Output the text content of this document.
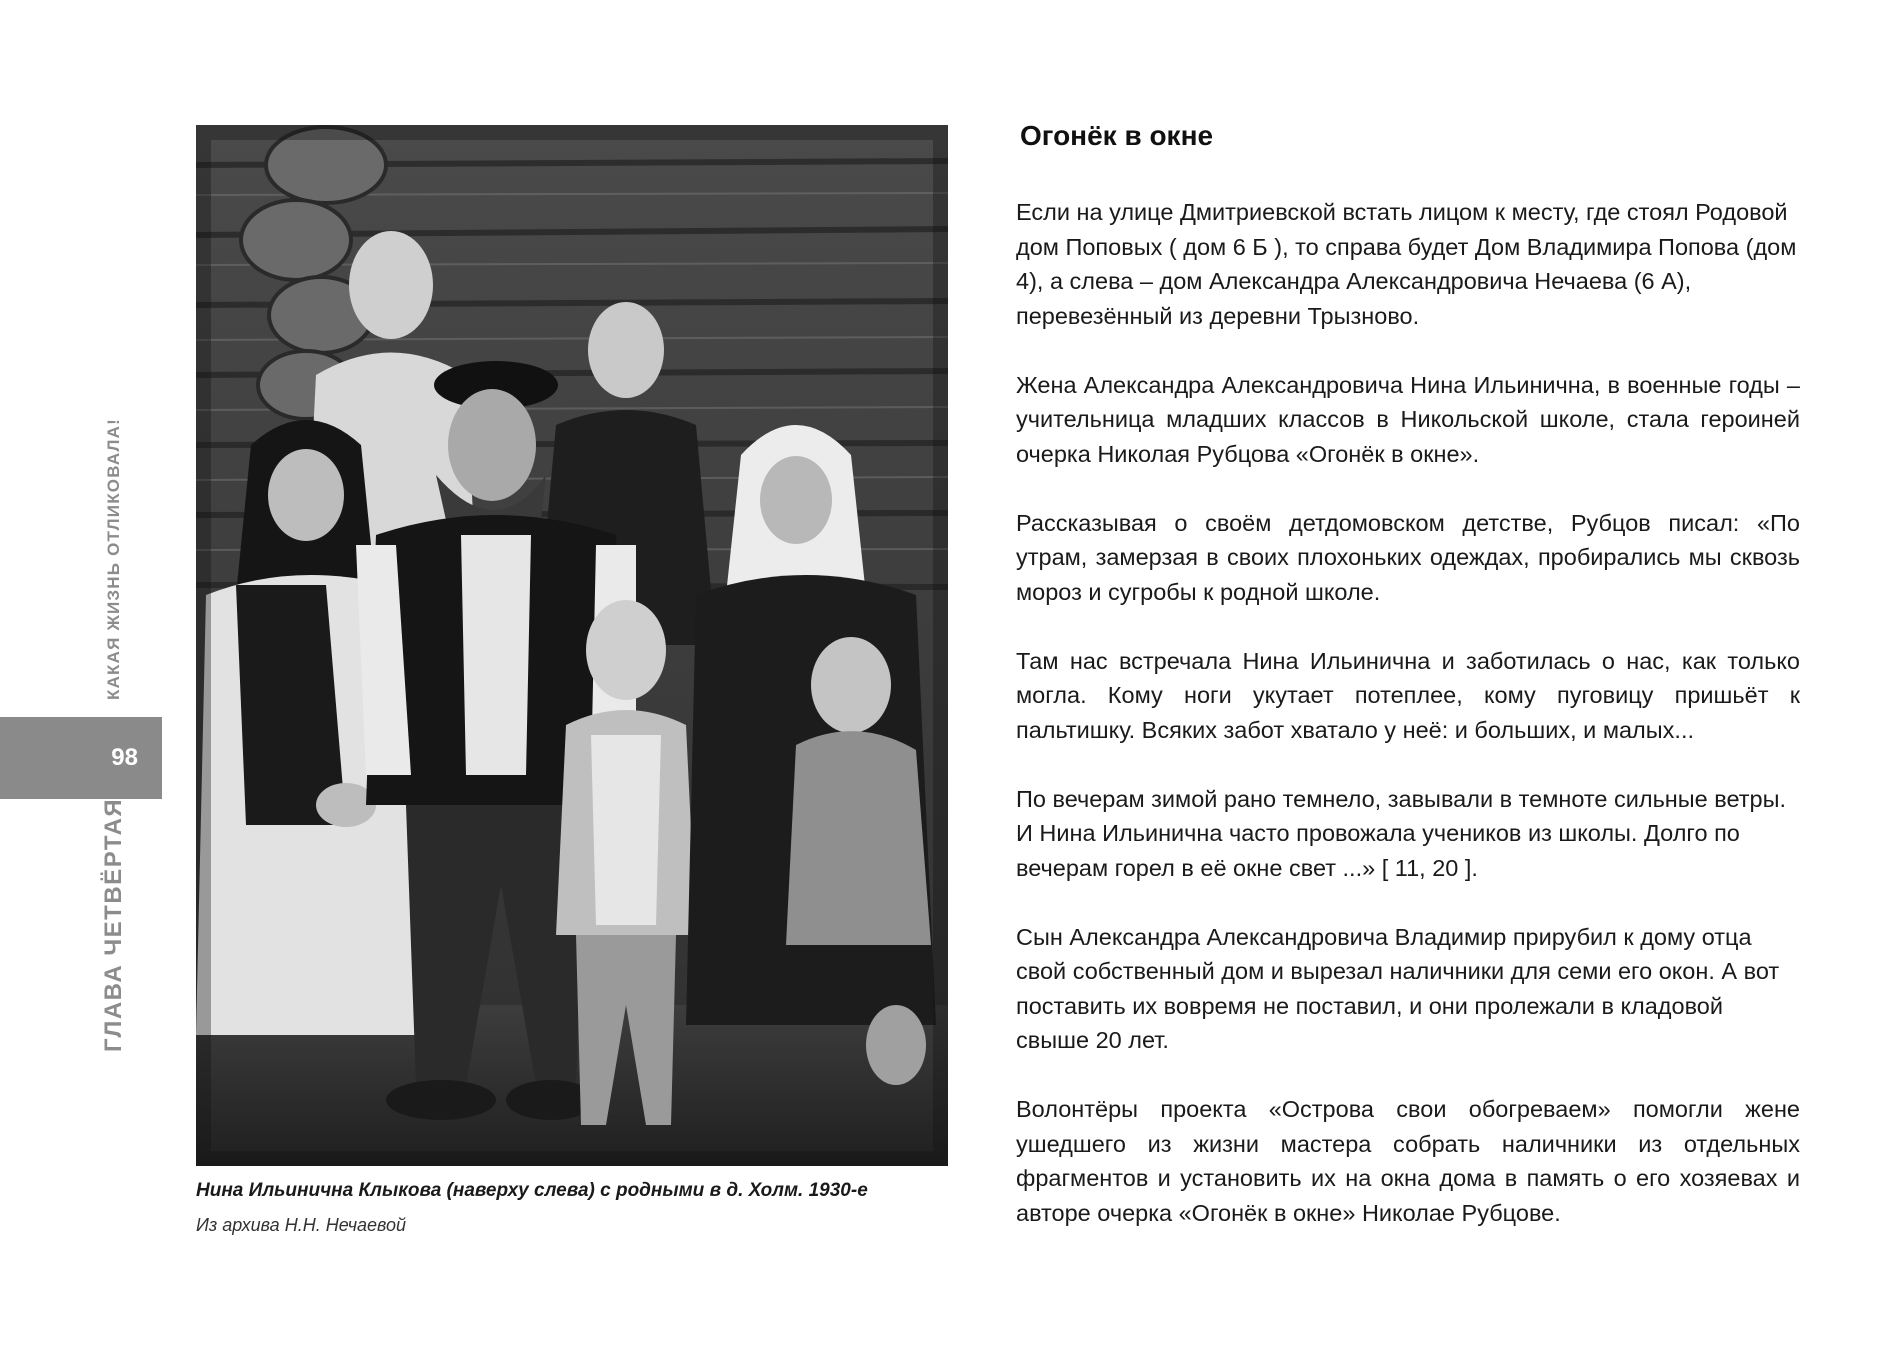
КАКАЯ ЖИЗНЬ ОТЛИКОВАЛА!
98
ГЛАВА ЧЕТВЁРТАЯ
Нина Ильинична Клыкова (наверху слева) с родными в д. Холм. 1930-е
Из архива Н.Н. Нечаевой
Огонёк в окне

Если на улице Дмитриевской встать лицом к месту, где стоял Родовой дом Поповых ( дом 6 Б ), то справа будет Дом Владимира Попова (дом 4), а слева – дом Александра Александровича Нечаева (6 А), перевезённый из деревни Трызново.

Жена Александра Александровича Нина Ильинична, в военные годы – учительница младших классов в Никольской школе, стала героиней очерка Николая Рубцова «Огонёк в окне».

Рассказывая о своём детдомовском детстве, Рубцов писал: «По утрам, замерзая в своих плохоньких одеждах, пробирались мы сквозь мороз и сугробы к родной школе.

Там нас встречала Нина Ильинична и заботилась о нас, как только могла. Кому ноги укутает потеплее, кому пуговицу пришьёт к пальтишку. Всяких забот хватало у неё: и больших, и малых...

По вечерам зимой рано темнело, завывали в темноте сильные ветры. И Нина Ильинична часто провожала учеников из школы. Долго по вечерам горел в её окне свет ...» [ 11, 20 ].

Сын Александра Александровича Владимир прирубил к дому отца свой собственный дом и вырезал наличники для семи его окон. А вот поставить их вовремя не поставил, и они пролежали в кладовой свыше 20 лет.

Волонтёры проекта «Острова свои обогреваем» помогли жене ушедшего из жизни мастера собрать наличники из отдельных фрагментов и установить их на окна дома в память о его хозяевах и авторе очерка «Огонёк в окне» Николае Рубцове.
